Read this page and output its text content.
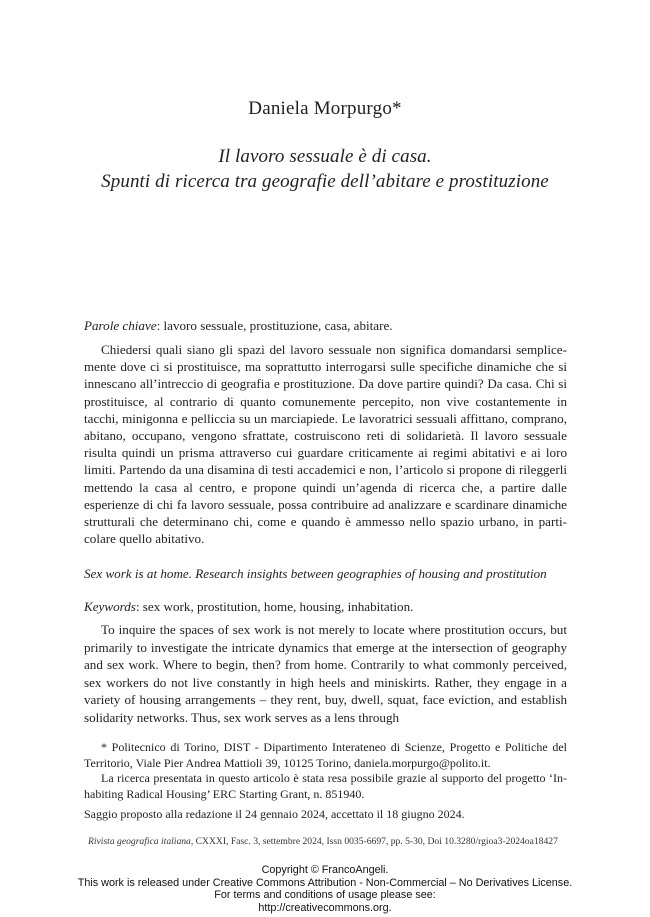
Daniela Morpurgo*
Il lavoro sessuale è di casa.
Spunti di ricerca tra geografie dell’abitare e prostituzione
Parole chiave: lavoro sessuale, prostituzione, casa, abitare.
Chiedersi quali siano gli spazi del lavoro sessuale non significa domandarsi semplicemente dove ci si prostituisce, ma soprattutto interrogarsi sulle specifiche dinamiche che si innescano all’intreccio di geografia e prostituzione. Da dove partire quindi? Da casa. Chi si prostituisce, al contrario di quanto comunemente percepito, non vive costantemente in tacchi, minigonna e pelliccia su un marciapiede. Le lavoratrici sessuali affittano, comprano, abitano, occupano, vengono sfrattate, costruiscono reti di solidarietà. Il lavoro sessuale risulta quindi un prisma attraverso cui guardare criticamente ai regimi abitativi e ai loro limiti. Partendo da una disamina di testi accademici e non, l’articolo si propone di rileggerli mettendo la casa al centro, e propone quindi un’agenda di ricerca che, a partire dalle esperienze di chi fa lavoro sessuale, possa contribuire ad analizzare e scardinare dinamiche strutturali che determinano chi, come e quando è ammesso nello spazio urbano, in particolare quello abitativo.
Sex work is at home. Research insights between geographies of housing and prostitution
Keywords: sex work, prostitution, home, housing, inhabitation.
To inquire the spaces of sex work is not merely to locate where prostitution occurs, but primarily to investigate the intricate dynamics that emerge at the intersection of geography and sex work. Where to begin, then? from home. Contrarily to what commonly perceived, sex workers do not live constantly in high heels and miniskirts. Rather, they engage in a variety of housing arrangements – they rent, buy, dwell, squat, face eviction, and establish solidarity networks. Thus, sex work serves as a lens through
* Politecnico di Torino, DIST - Dipartimento Interateneo di Scienze, Progetto e Politiche del Territorio, Viale Pier Andrea Mattioli 39, 10125 Torino, daniela.morpurgo@polito.it.
La ricerca presentata in questo articolo è stata resa possibile grazie al supporto del progetto ‘Inhabiting Radical Housing’ ERC Starting Grant, n. 851940.
Saggio proposto alla redazione il 24 gennaio 2024, accettato il 18 giugno 2024.
Rivista geografica italiana, CXXXI, Fasc. 3, settembre 2024, Issn 0035-6697, pp. 5-30, Doi 10.3280/rgioa3-2024oa18427
Copyright © FrancoAngeli.
This work is released under Creative Commons Attribution - Non-Commercial – No Derivatives License.
For terms and conditions of usage please see:
http://creativecommons.org.
